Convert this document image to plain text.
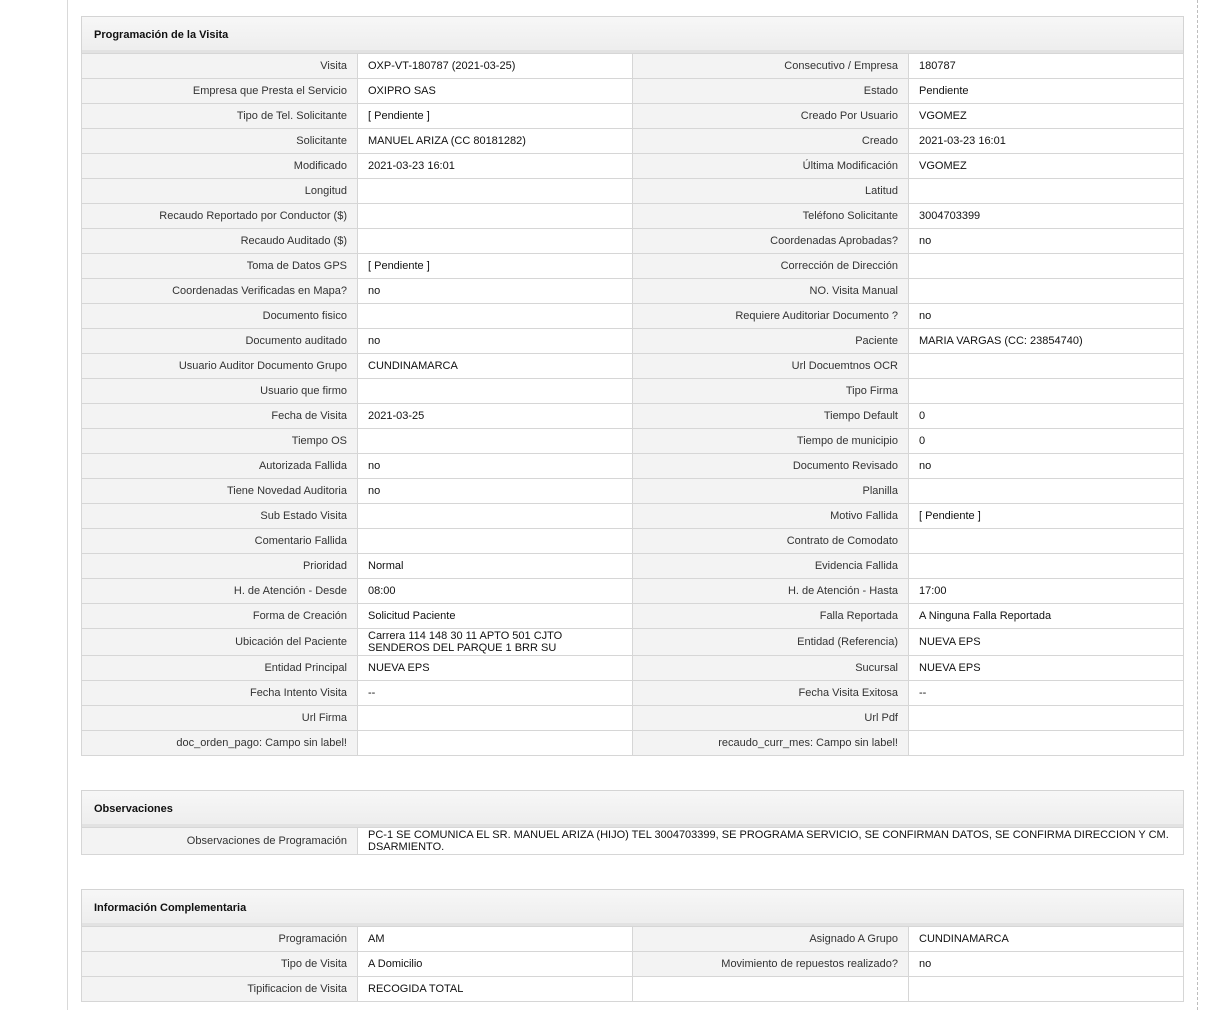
Programación de la Visita
Visita	OXP-VT-180787 (2021-03-25)	Consecutivo / Empresa	180787
Empresa que Presta el Servicio	OXIPRO SAS	Estado	Pendiente
Tipo de Tel. Solicitante	[ Pendiente ]	Creado Por Usuario	VGOMEZ
Solicitante	MANUEL ARIZA (CC 80181282)	Creado	2021-03-23 16:01
Modificado	2021-03-23 16:01	Última Modificación	VGOMEZ
Longitud		Latitud	
Recaudo Reportado por Conductor ($)		Teléfono Solicitante	3004703399
Recaudo Auditado ($)		Coordenadas Aprobadas?	no
Toma de Datos GPS	[ Pendiente ]	Corrección de Dirección	
Coordenadas Verificadas en Mapa?	no	NO. Visita Manual	
Documento fisico		Requiere Auditoriar Documento ?	no
Documento auditado	no	Paciente	MARIA VARGAS (CC: 23854740)
Usuario Auditor Documento Grupo	CUNDINAMARCA	Url Docuemtnos OCR	
Usuario que firmo		Tipo Firma	
Fecha de Visita	2021-03-25	Tiempo Default	0
Tiempo OS		Tiempo de municipio	0
Autorizada Fallida	no	Documento Revisado	no
Tiene Novedad Auditoria	no	Planilla	
Sub Estado Visita		Motivo Fallida	[ Pendiente ]
Comentario Fallida		Contrato de Comodato	
Prioridad	Normal	Evidencia Fallida	
H. de Atención - Desde	08:00	H. de Atención - Hasta	17:00
Forma de Creación	Solicitud Paciente	Falla Reportada	A Ninguna Falla Reportada
Ubicación del Paciente	Carrera 114 148 30 11 APTO 501 CJTO SENDEROS DEL PARQUE 1 BRR SU	Entidad (Referencia)	NUEVA EPS
Entidad Principal	NUEVA EPS	Sucursal	NUEVA EPS
Fecha Intento Visita	--	Fecha Visita Exitosa	--
Url Firma		Url Pdf	
doc_orden_pago: Campo sin label!		recaudo_curr_mes: Campo sin label!	
Observaciones
Observaciones de Programación	PC-1 SE COMUNICA EL SR. MANUEL ARIZA (HIJO) TEL 3004703399, SE PROGRAMA SERVICIO, SE CONFIRMAN DATOS, SE CONFIRMA DIRECCION Y CM. DSARMIENTO.
Información Complementaria
Programación	AM	Asignado A Grupo	CUNDINAMARCA
Tipo de Visita	A Domicilio	Movimiento de repuestos realizado?	no
Tipificacion de Visita	RECOGIDA TOTAL		
